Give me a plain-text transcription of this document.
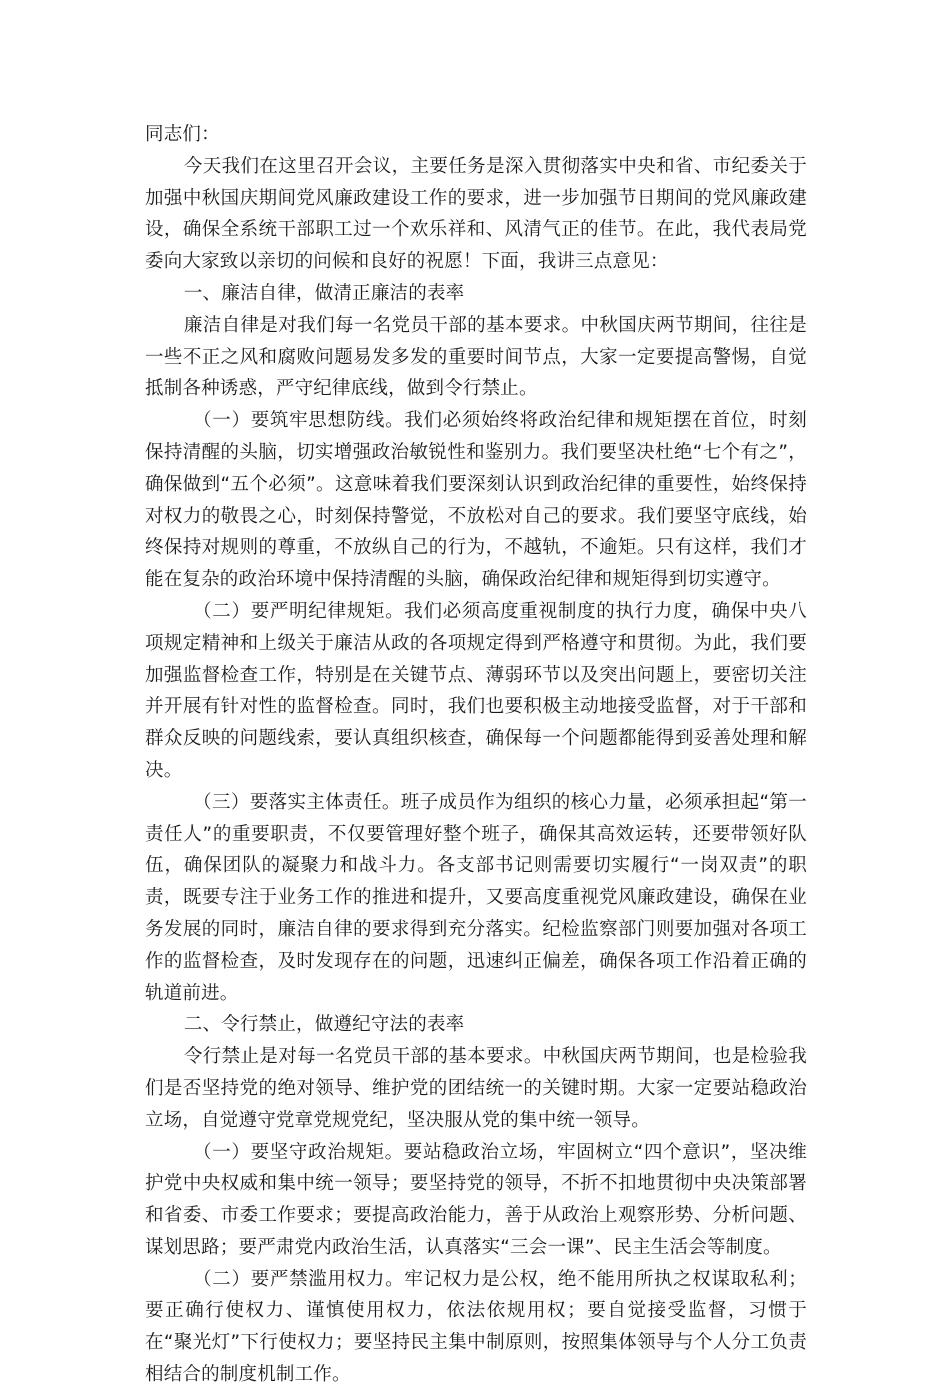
同志们：

今天我们在这里召开会议，主要任务是深入贯彻落实中央和省、市纪委关于加强中秋国庆期间党风廉政建设工作的要求，进一步加强节日期间的党风廉政建设，确保全系统干部职工过一个欢乐祥和、风清气正的佳节。在此，我代表局党委向大家致以亲切的问候和良好的祝愿！下面，我讲三点意见：

一、廉洁自律，做清正廉洁的表率

廉洁自律是对我们每一名党员干部的基本要求。中秋国庆两节期间，往往是一些不正之风和腐败问题易发多发的重要时间节点，大家一定要提高警惕，自觉抵制各种诱惑，严守纪律底线，做到令行禁止。

（一）要筑牢思想防线。我们必须始终将政治纪律和规矩摆在首位，时刻保持清醒的头脑，切实增强政治敏锐性和鉴别力。我们要坚决杜绝“七个有之”，确保做到“五个必须”。这意味着我们要深刻认识到政治纪律的重要性，始终保持对权力的敬畏之心，时刻保持警觉，不放松对自己的要求。我们要坚守底线，始终保持对规则的尊重，不放纵自己的行为，不越轨，不逾矩。只有这样，我们才能在复杂的政治环境中保持清醒的头脑，确保政治纪律和规矩得到切实遵守。

（二）要严明纪律规矩。我们必须高度重视制度的执行力度，确保中央八项规定精神和上级关于廉洁从政的各项规定得到严格遵守和贯彻。为此，我们要加强监督检查工作，特别是在关键节点、薄弱环节以及突出问题上，要密切关注并开展有针对性的监督检查。同时，我们也要积极主动地接受监督，对于干部和群众反映的问题线索，要认真组织核查，确保每一个问题都能得到妥善处理和解决。

（三）要落实主体责任。班子成员作为组织的核心力量，必须承担起“第一责任人”的重要职责，不仅要管理好整个班子，确保其高效运转，还要带领好队伍，确保团队的凝聚力和战斗力。各支部书记则需要切实履行“一岗双责”的职责，既要专注于业务工作的推进和提升，又要高度重视党风廉政建设，确保在业务发展的同时，廉洁自律的要求得到充分落实。纪检监察部门则要加强对各项工作的监督检查，及时发现存在的问题，迅速纠正偏差，确保各项工作沿着正确的轨道前进。

二、令行禁止，做遵纪守法的表率

令行禁止是对每一名党员干部的基本要求。中秋国庆两节期间，也是检验我们是否坚持党的绝对领导、维护党的团结统一的关键时期。大家一定要站稳政治立场，自觉遵守党章党规党纪，坚决服从党的集中统一领导。

（一）要坚守政治规矩。要站稳政治立场，牢固树立“四个意识”，坚决维护党中央权威和集中统一领导；要坚持党的领导，不折不扣地贯彻中央决策部署和省委、市委工作要求；要提高政治能力，善于从政治上观察形势、分析问题、谋划思路；要严肃党内政治生活，认真落实“三会一课”、民主生活会等制度。

（二）要严禁滥用权力。牢记权力是公权，绝不能用所执之权谋取私利；要正确行使权力、谨慎使用权力，依法依规用权；要自觉接受监督，习惯于在“聚光灯”下行使权力；要坚持民主集中制原则，按照集体领导与个人分工负责相结合的制度机制工作。
